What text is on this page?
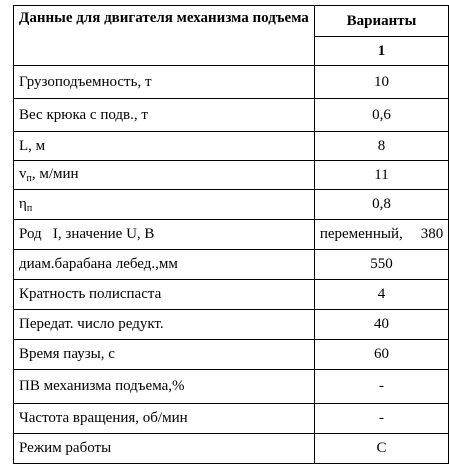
Данные для двигателя механизма подъема	Варианты
	1
Грузоподъемность, т	10
Вес крюка с подв., т	0,6
L, м	8
$v_п$, м/мин	11
$\eta_п$	0,8
Род   I, значение U, В	переменный, 380
диам.барабана лебед.,мм	550
Кратность полиспаста	4
Передат. число редукт.	40
Время паузы, с	60
ПВ механизма подъема,%	-
Частота вращения, об/мин	-
Режим работы	С
